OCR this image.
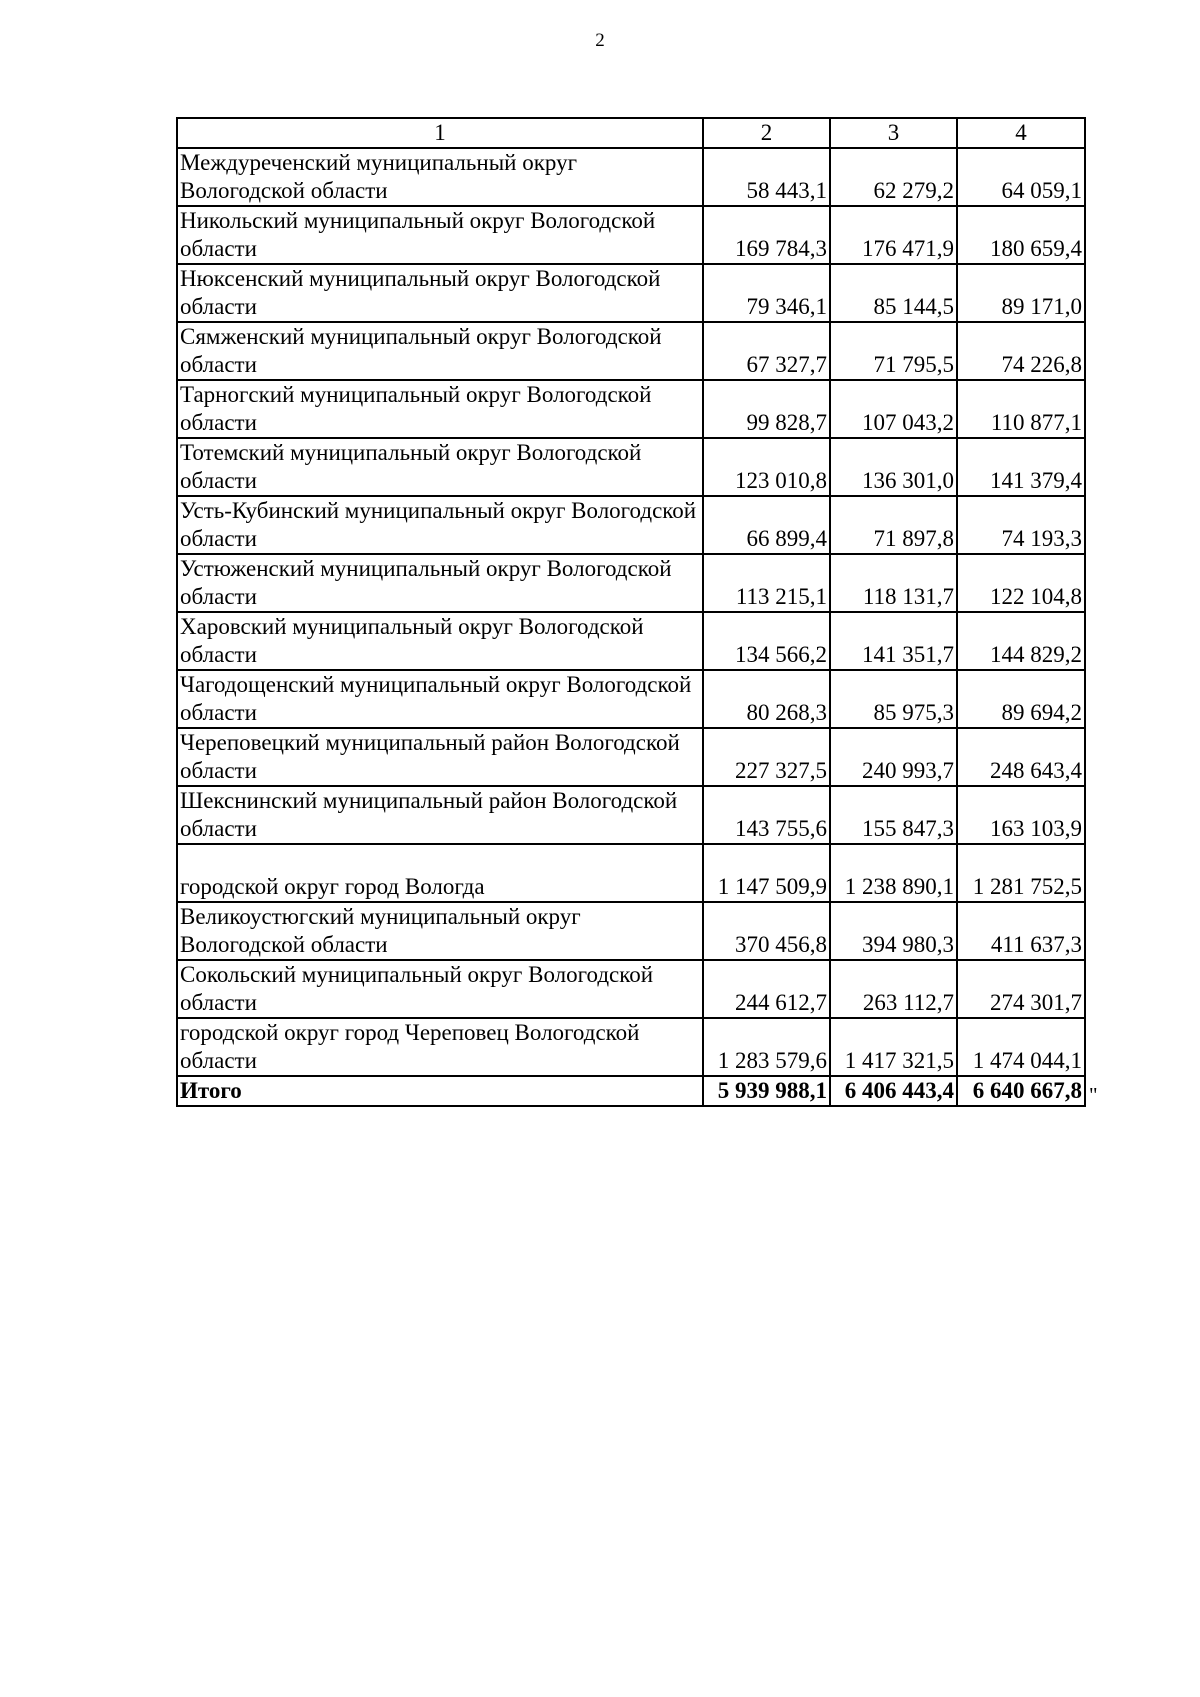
2
1	2	3	4
Междуреченский муниципальный округ Вологодской области	58 443,1	62 279,2	64 059,1
Никольский муниципальный округ Вологодской области	169 784,3	176 471,9	180 659,4
Нюксенский муниципальный округ Вологодской области	79 346,1	85 144,5	89 171,0
Сямженский муниципальный округ Вологодской области	67 327,7	71 795,5	74 226,8
Тарногский муниципальный округ Вологодской области	99 828,7	107 043,2	110 877,1
Тотемский муниципальный округ Вологодской области	123 010,8	136 301,0	141 379,4
Усть-Кубинский муниципальный округ Вологодской области	66 899,4	71 897,8	74 193,3
Устюженский муниципальный округ Вологодской области	113 215,1	118 131,7	122 104,8
Харовский муниципальный округ Вологодской области	134 566,2	141 351,7	144 829,2
Чагодощенский муниципальный округ Вологодской области	80 268,3	85 975,3	89 694,2
Череповецкий муниципальный район Вологодской области	227 327,5	240 993,7	248 643,4
Шекснинский муниципальный район Вологодской области	143 755,6	155 847,3	163 103,9
городской округ город Вологда	1 147 509,9	1 238 890,1	1 281 752,5
Великоустюгский муниципальный округ Вологодской области	370 456,8	394 980,3	411 637,3
Сокольский муниципальный округ Вологодской области	244 612,7	263 112,7	274 301,7
городской округ город Череповец Вологодской области	1 283 579,6	1 417 321,5	1 474 044,1
Итого	5 939 988,1	6 406 443,4	6 640 667,8 "
